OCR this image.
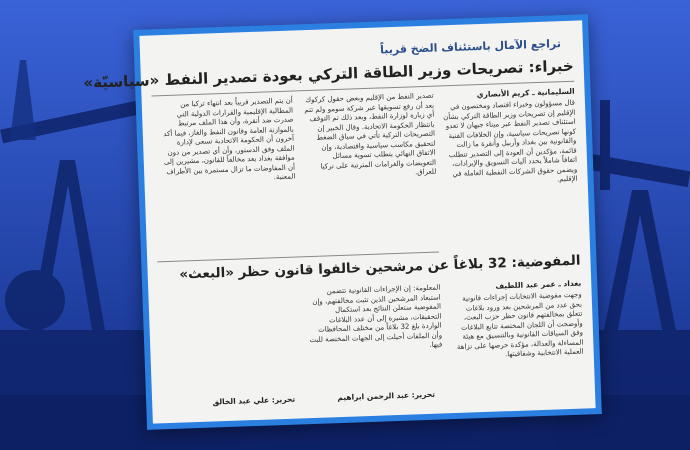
تراجع الآمال باستئناف الضخ قريباً
خبراء: تصريحات وزير الطاقة التركي بعودة تصدير النفط «سياسيّة»
السليمانية ـ كريم الأنصاري

قال مسؤولون وخبراء اقتصاد ومختصون في الإقليم إن تصريحات وزير الطاقة التركي بشأن استئناف تصدير النفط عبر ميناء جيهان لا تعدو كونها تصريحات سياسية، وإن الخلافات الفنية والقانونية بين بغداد وأربيل وأنقرة ما زالت قائمة، مؤكدين أن العودة إلى التصدير تتطلب اتفاقاً شاملاً يحدد آليات التسويق والإيرادات، ويضمن حقوق الشركات النفطية العاملة في الإقليم.

تصدير النفط من الإقليم وبعض حقول كركوك بعد أن رفع تسويقها عبر شركة سومو ولم تتم أي زيارة لوزارة النفط، وبعد ذلك تم التوقف بانتظار الحكومة الاتحادية. وقال الخبير إن التصريحات التركية تأتي في سياق الضغط لتحقيق مكاسب سياسية واقتصادية، وإن الاتفاق النهائي يتطلب تسوية مسائل التعويضات والغرامات المترتبة على تركيا للعراق.

أن يتم التصدير قريباً بعد انتهاء تركيا من المطالبة الإقليمية والقرارات الدولية التي صدرت ضد أنقرة، وأن هذا الملف مرتبط بالموازنة العامة وقانون النفط والغاز، فيما أكد آخرون أن الحكومة الاتحادية تسعى لإدارة الملف وفق الدستور، وأن أي تصدير من دون موافقة بغداد يعد مخالفاً للقانون، مشيرين إلى أن المفاوضات ما تزال مستمرة بين الأطراف المعنية.

تحرير: علي عبد الخالق
المفوضية: 32 بلاغاً عن مرشحين خالفوا قانون حظر «البعث»
بغداد ـ عمر عبد اللطيف

وجهت مفوضية الانتخابات إجراءات قانونية بحق عدد من المرشحين بعد ورود بلاغات تتعلق بمخالفتهم قانون حظر حزب البعث، وأوضحت أن اللجان المختصة تتابع البلاغات وفق السياقات القانونية وبالتنسيق مع هيئة المساءلة والعدالة، مؤكدة حرصها على نزاهة العملية الانتخابية وشفافيتها.

المعلومة: إن الإجراءات القانونية تتضمن استبعاد المرشحين الذين تثبت مخالفتهم، وإن المفوضية ستعلن النتائج بعد استكمال التحقيقات، مشيرة إلى أن عدد البلاغات الواردة بلغ 32 بلاغاً من مختلف المحافظات وأن الملفات أحيلت إلى الجهات المختصة للبت فيها.

تحرير: عبد الرحمن ابراهيم
